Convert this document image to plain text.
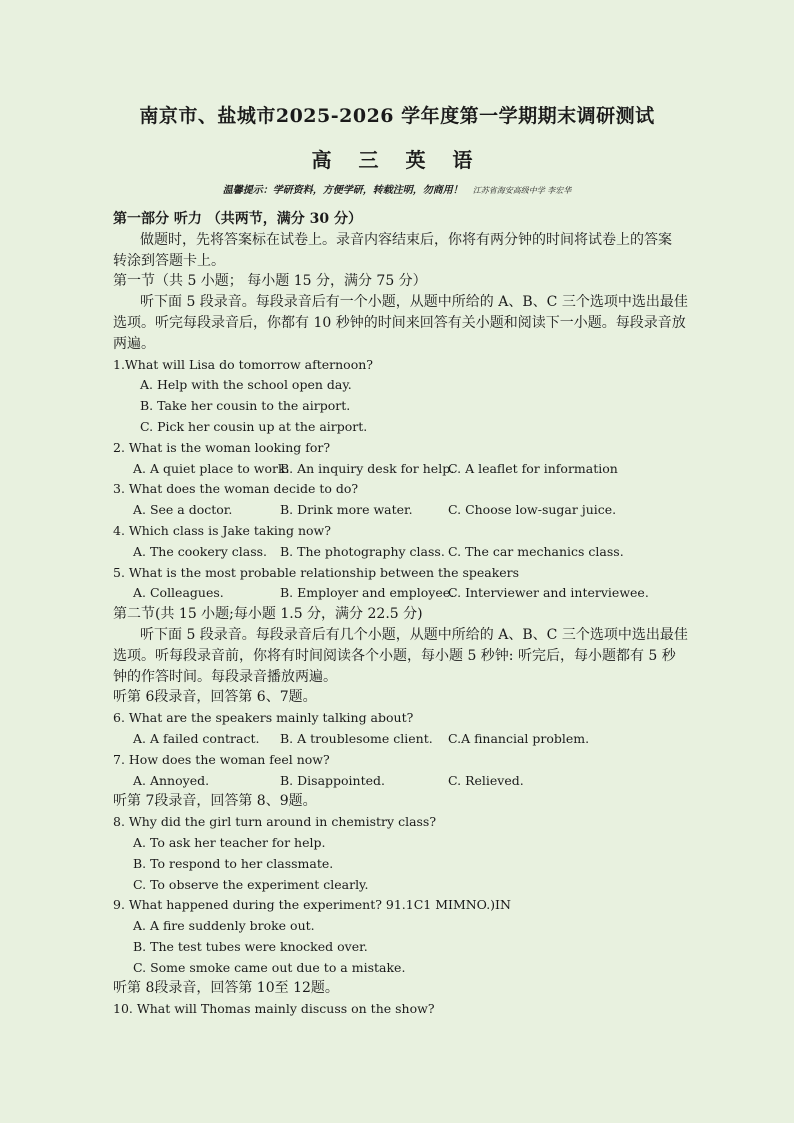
南京市、盐城市2025-2026 学年度第一学期期末调研测试
高 三 英 语
温馨提示：学研资料，方便学研，转载注明，勿商用！ 江苏省海安高级中学 李宏华
第一部分 听力 （共两节，满分 30 分）
做题时，先将答案标在试卷上。录音内容结束后，你将有两分钟的时间将试卷上的答案
转涂到答题卡上。
第一节（共 5 小题； 每小题 15 分，满分 75 分）
听下面 5 段录音。每段录音后有一个小题，从题中所给的 A、B、C 三个选项中选出最佳
选项。听完每段录音后，你都有 10 秒钟的时间来回答有关小题和阅读下一小题。每段录音放
两遍。
1.What will Lisa do tomorrow afternoon?
A. Help with the school open day.
B. Take her cousin to the airport.
C. Pick her cousin up at the airport.
2. What is the woman looking for?
A. A quiet place to work.
B. An inquiry desk for help.
C. A leaflet for information
3. What does the woman decide to do?
A. See a doctor.	B. Drink more water.	C. Choose low-sugar juice.
4. Which class is Jake taking now?
A. The cookery class.	B. The photography class. C. The car mechanics class.
5. What is the most probable relationship between the speakers
A. Colleagues.	B. Employer and employee.
C. Interviewer and interviewee.
第二节(共 15 小题;每小题 1.5 分，满分 22.5 分)
听下面 5 段录音。每段录音后有几个小题，从题中所给的 A、B、C 三个选项中选出最佳
选项。听每段录音前，你将有时间阅读各个小题，每小题 5 秒钟: 听完后，每小题都有 5 秒
钟的作答时间。每段录音播放两遍。
听第 6段录音，回答第 6、7题。
6. What are the speakers mainly talking about?
A. A failed contract.	B. A troublesome client.	C.A financial problem.
7. How does the woman feel now?
A. Annoyed.	B. Disappointed.	C. Relieved.
听第 7段录音，回答第 8、9题。
8. Why did the girl turn around in chemistry class?
A. To ask her teacher for help.
B. To respond to her classmate.
C. To observe the experiment clearly.
9. What happened during the experiment? 91.1C1 MIMNO.)IN
A. A fire suddenly broke out.
B. The test tubes were knocked over.
C. Some smoke came out due to a mistake.
听第 8段录音，回答第 10至 12题。
10. What will Thomas mainly discuss on the show?
